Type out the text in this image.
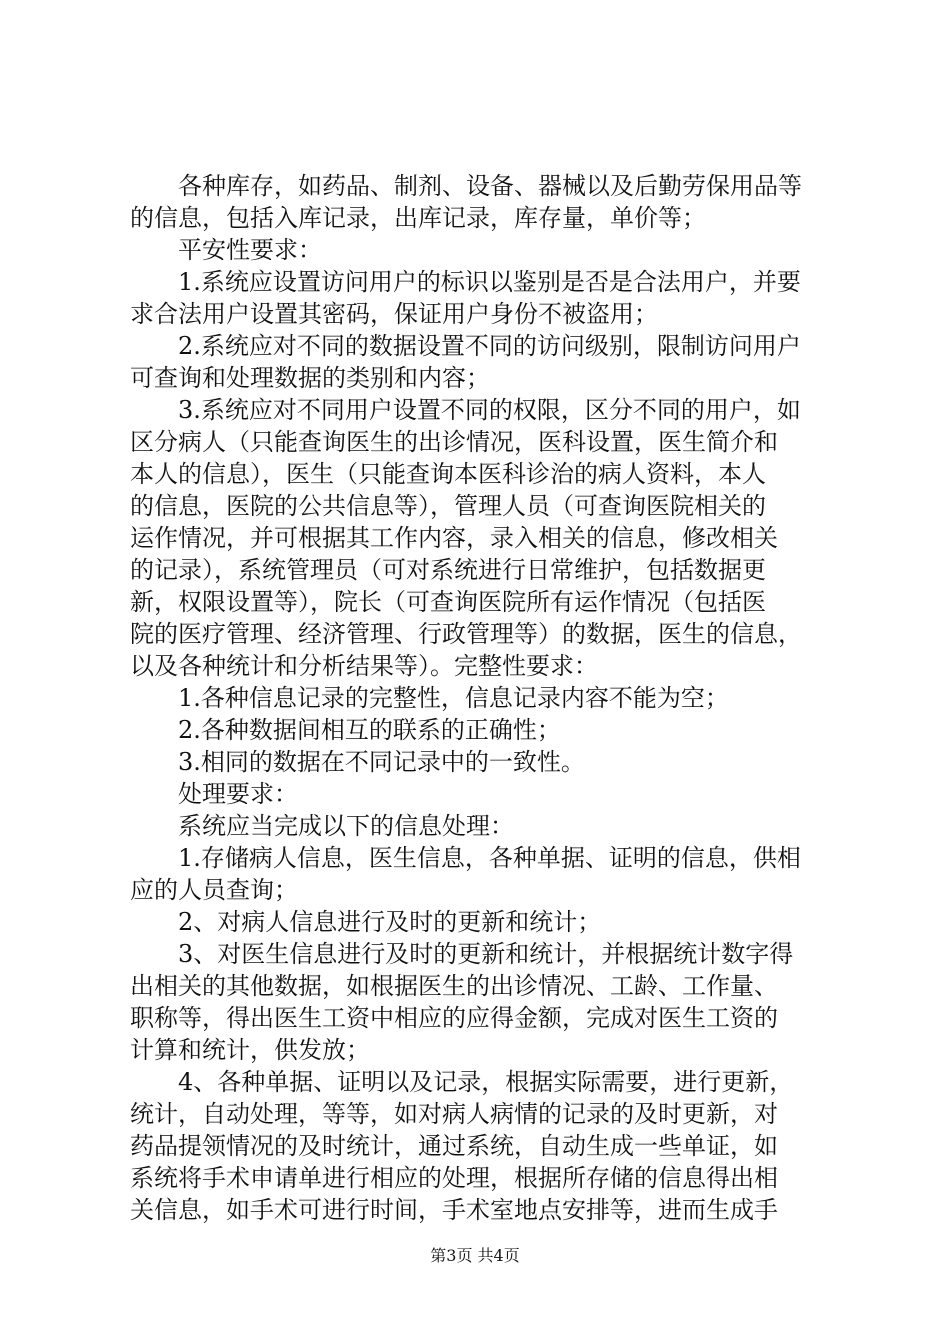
各种库存，如药品、制剂、设备、器械以及后勤劳保用品等
的信息，包括入库记录，出库记录，库存量，单价等；
平安性要求：
1.系统应设置访问用户的标识以鉴别是否是合法用户，并要
求合法用户设置其密码，保证用户身份不被盗用；
2.系统应对不同的数据设置不同的访问级别，限制访问用户
可查询和处理数据的类别和内容；
3.系统应对不同用户设置不同的权限，区分不同的用户，如
区分病人（只能查询医生的出诊情况，医科设置，医生简介和
本人的信息），医生（只能查询本医科诊治的病人资料，本人
的信息，医院的公共信息等），管理人员（可查询医院相关的
运作情况，并可根据其工作内容，录入相关的信息，修改相关
的记录），系统管理员（可对系统进行日常维护，包括数据更
新，权限设置等），院长（可查询医院所有运作情况（包括医
院的医疗管理、经济管理、行政管理等）的数据，医生的信息，
以及各种统计和分析结果等）。完整性要求：
1.各种信息记录的完整性，信息记录内容不能为空；
2.各种数据间相互的联系的正确性；
3.相同的数据在不同记录中的一致性。
处理要求：
系统应当完成以下的信息处理：
1.存储病人信息，医生信息，各种单据、证明的信息，供相
应的人员查询；
2、对病人信息进行及时的更新和统计；
3、对医生信息进行及时的更新和统计，并根据统计数字得
出相关的其他数据，如根据医生的出诊情况、工龄、工作量、
职称等，得出医生工资中相应的应得金额，完成对医生工资的
计算和统计，供发放；
4、各种单据、证明以及记录，根据实际需要，进行更新，
统计，自动处理，等等，如对病人病情的记录的及时更新，对
药品提领情况的及时统计，通过系统，自动生成一些单证，如
系统将手术申请单进行相应的处理，根据所存储的信息得出相
关信息，如手术可进行时间，手术室地点安排等，进而生成手
第3页 共4页
